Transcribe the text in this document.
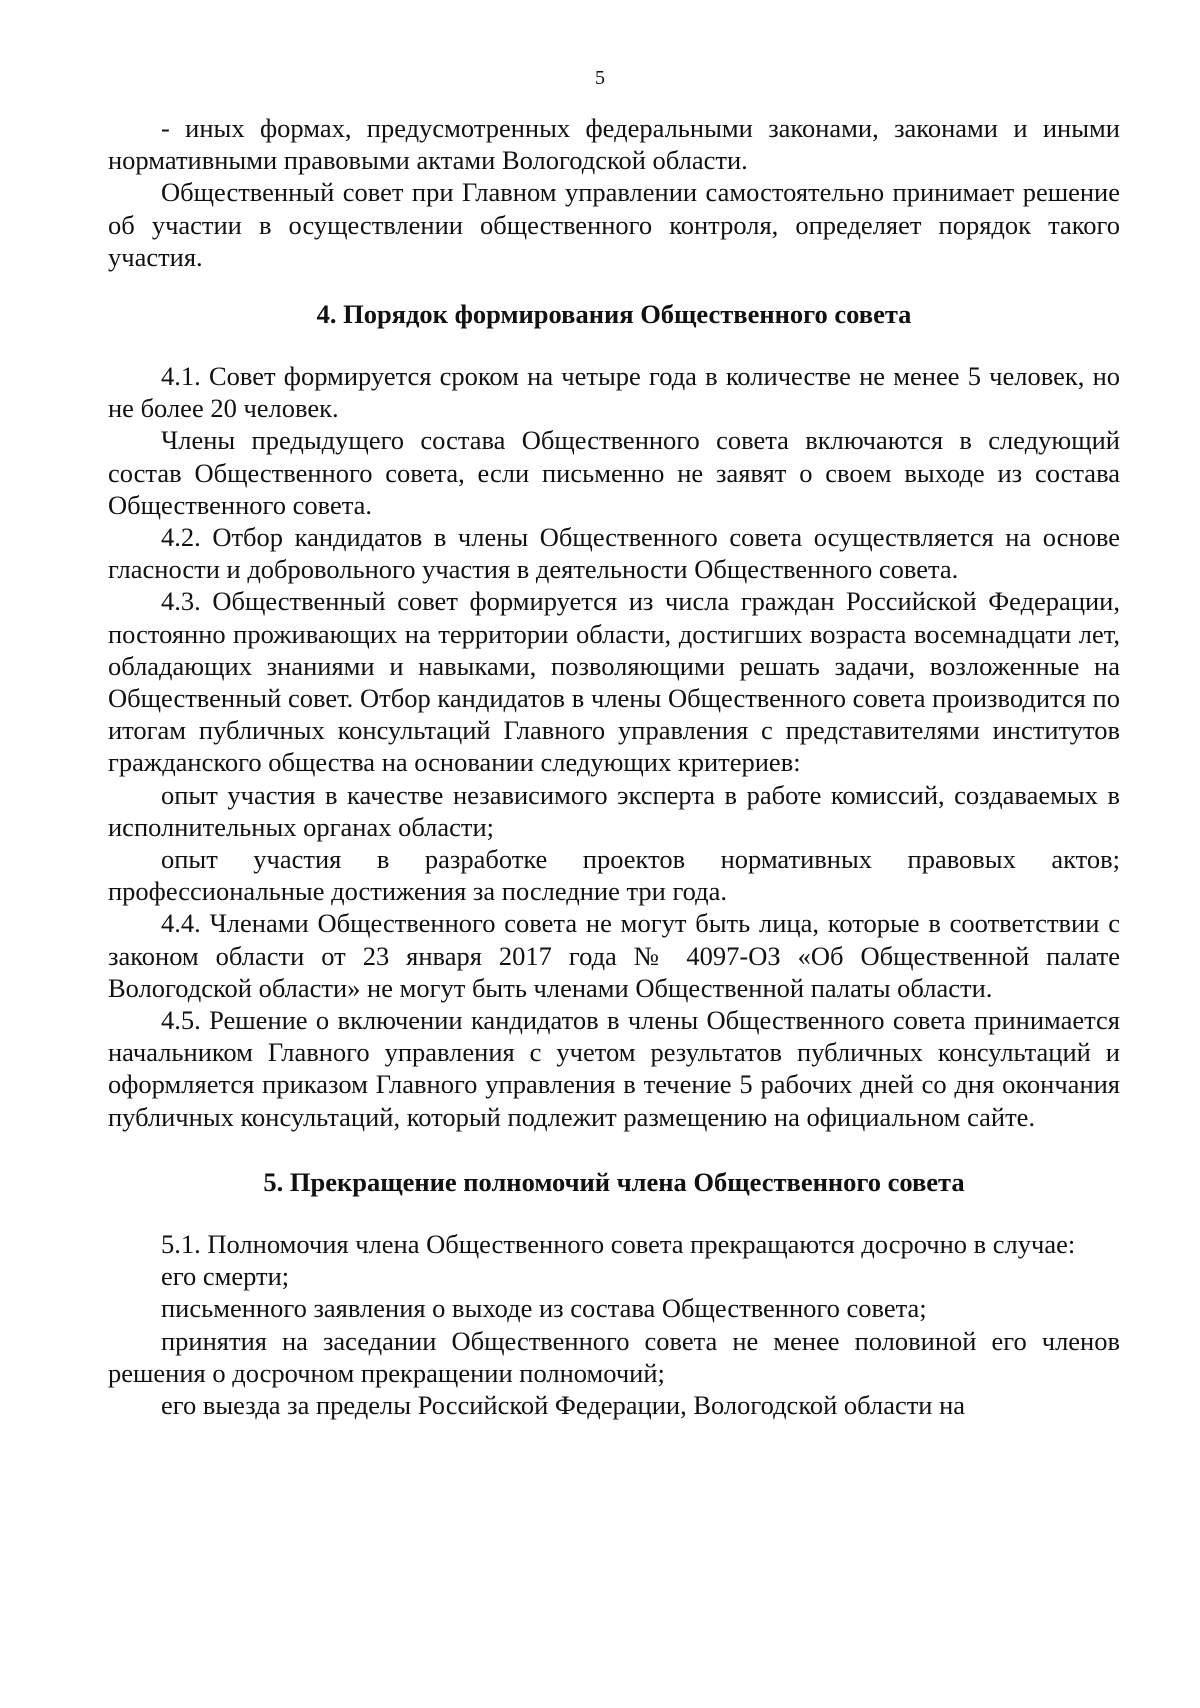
5

- иных формах, предусмотренных федеральными законами, законами и иными нормативными правовыми актами Вологодской области.

Общественный совет при Главном управлении самостоятельно принимает решение об участии в осуществлении общественного контроля, определяет порядок такого участия.

4. Порядок формирования Общественного совета

4.1. Совет формируется сроком на четыре года в количестве не менее 5 человек, но не более 20 человек.

Члены предыдущего состава Общественного совета включаются в следующий состав Общественного совета, если письменно не заявят о своем выходе из состава Общественного совета.

4.2. Отбор кандидатов в члены Общественного совета осуществляется на основе гласности и добровольного участия в деятельности Общественного совета.

4.3. Общественный совет формируется из числа граждан Российской Федерации, постоянно проживающих на территории области, достигших возраста восемнадцати лет, обладающих знаниями и навыками, позволяющими решать задачи, возложенные на Общественный совет. Отбор кандидатов в члены Общественного совета производится по итогам публичных консультаций Главного управления с представителями институтов гражданского общества на основании следующих критериев:

опыт участия в качестве независимого эксперта в работе комиссий, создаваемых в исполнительных органах области;

опыт участия в разработке проектов нормативных правовых актов; профессиональные достижения за последние три года.

4.4. Членами Общественного совета не могут быть лица, которые в соответствии с законом области от 23 января 2017 года № 4097-ОЗ «Об Общественной палате Вологодской области» не могут быть членами Общественной палаты области.

4.5. Решение о включении кандидатов в члены Общественного совета принимается начальником Главного управления с учетом результатов публичных консультаций и оформляется приказом Главного управления в течение 5 рабочих дней со дня окончания публичных консультаций, который подлежит размещению на официальном сайте.

5. Прекращение полномочий члена Общественного совета

5.1. Полномочия члена Общественного совета прекращаются досрочно в случае:

его смерти;

письменного заявления о выходе из состава Общественного совета;

принятия на заседании Общественного совета не менее половиной его членов решения о досрочном прекращении полномочий;

его выезда за пределы Российской Федерации, Вологодской области на
